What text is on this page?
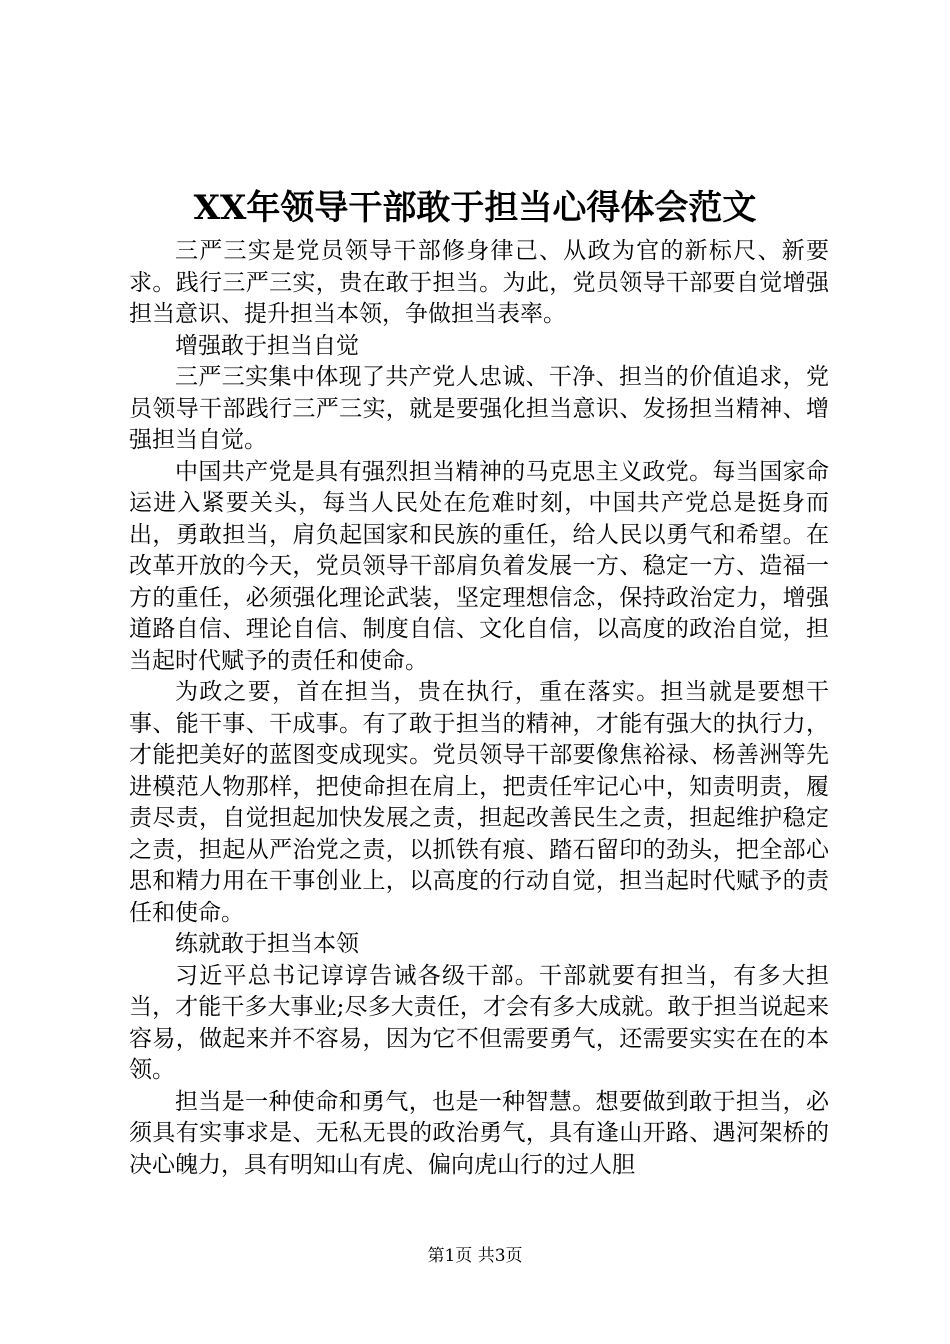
XX年领导干部敢于担当心得体会范文

三严三实是党员领导干部修身律己、从政为官的新标尺、新要求。践行三严三实，贵在敢于担当。为此，党员领导干部要自觉增强担当意识、提升担当本领，争做担当表率。

增强敢于担当自觉

三严三实集中体现了共产党人忠诚、干净、担当的价值追求，党员领导干部践行三严三实，就是要强化担当意识、发扬担当精神、增强担当自觉。

中国共产党是具有强烈担当精神的马克思主义政党。每当国家命运进入紧要关头，每当人民处在危难时刻，中国共产党总是挺身而出，勇敢担当，肩负起国家和民族的重任，给人民以勇气和希望。在改革开放的今天，党员领导干部肩负着发展一方、稳定一方、造福一方的重任，必须强化理论武装，坚定理想信念，保持政治定力，增强道路自信、理论自信、制度自信、文化自信，以高度的政治自觉，担当起时代赋予的责任和使命。

为政之要，首在担当，贵在执行，重在落实。担当就是要想干事、能干事、干成事。有了敢于担当的精神，才能有强大的执行力，才能把美好的蓝图变成现实。党员领导干部要像焦裕禄、杨善洲等先进模范人物那样，把使命担在肩上，把责任牢记心中，知责明责，履责尽责，自觉担起加快发展之责，担起改善民生之责，担起维护稳定之责，担起从严治党之责，以抓铁有痕、踏石留印的劲头，把全部心思和精力用在干事创业上，以高度的行动自觉，担当起时代赋予的责任和使命。

练就敢于担当本领

习近平总书记谆谆告诫各级干部。干部就要有担当，有多大担当，才能干多大事业;尽多大责任，才会有多大成就。敢于担当说起来容易，做起来并不容易，因为它不但需要勇气，还需要实实在在的本领。

担当是一种使命和勇气，也是一种智慧。想要做到敢于担当，必须具有实事求是、无私无畏的政治勇气，具有逢山开路、遇河架桥的决心魄力，具有明知山有虎、偏向虎山行的过人胆

第1页 共3页
